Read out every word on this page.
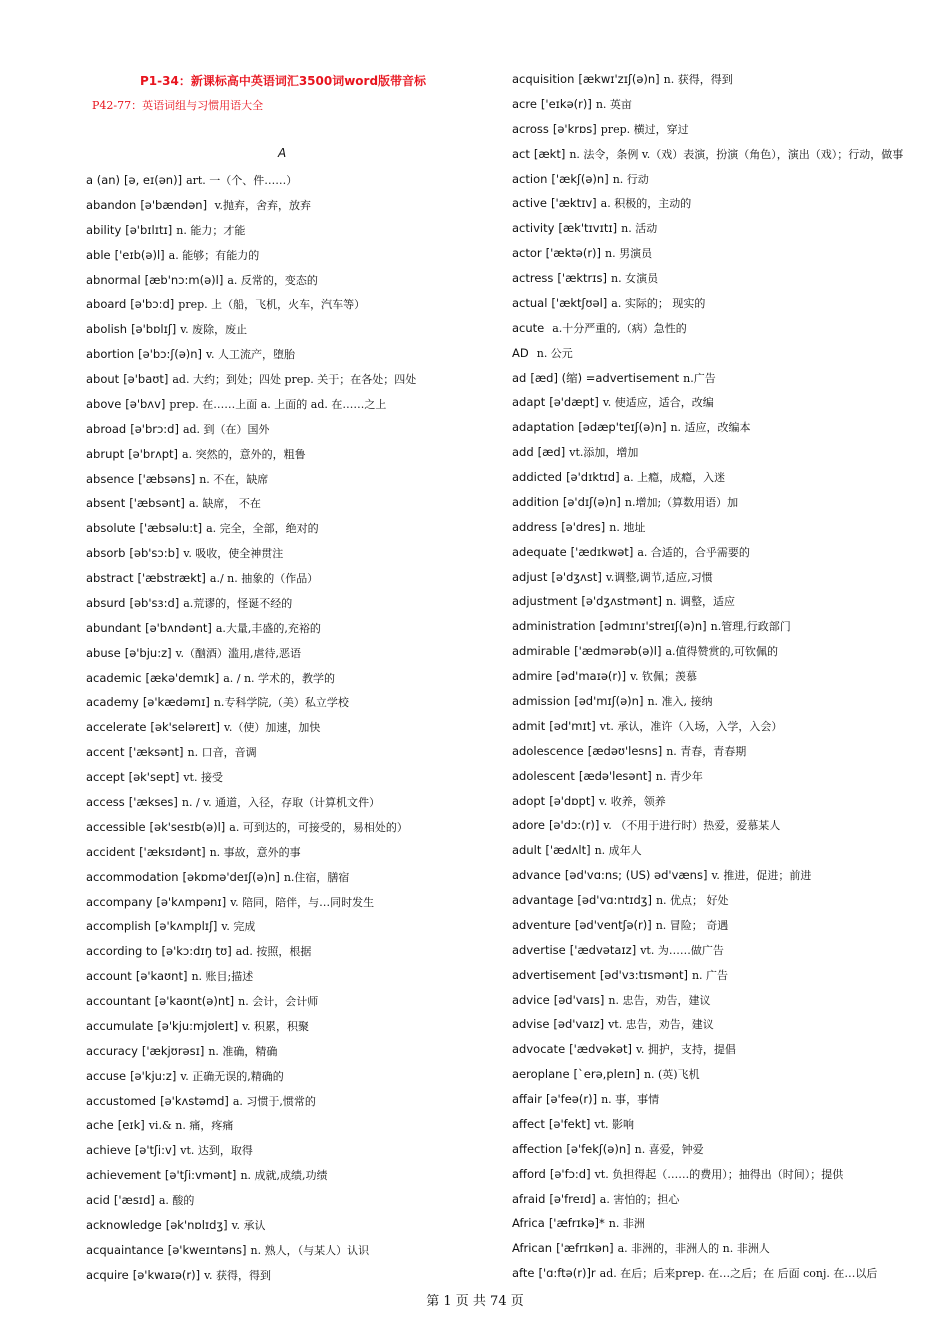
P1-34：新课标高中英语词汇3500词word版带音标
P42-77：英语词组与习惯用语大全
A
a (an) [ə, eɪ(ən)] art. 一（个、件……）
abandon [ə'bændən] v.抛弃，舍弃，放弃
ability [ə'bɪlɪtɪ] n. 能力；才能
able ['eɪb(ə)l] a. 能够；有能力的
abnormal [æb'nɔ:m(ə)l] a. 反常的，变态的
aboard [ə'bɔ:d] prep. 上（船，飞机，火车，汽车等）
abolish [ə'bɒlɪʃ] v. 废除，废止
abortion [ə'bɔ:ʃ(ə)n] v. 人工流产，堕胎
about [ə'baʊt] ad. 大约；到处；四处 prep. 关于；在各处；四处
above [ə'bʌv] prep. 在……上面 a. 上面的 ad. 在……之上
abroad [ə'brɔ:d] ad. 到（在）国外
abrupt [ə'brʌpt] a. 突然的，意外的，粗鲁
absence ['æbsəns] n. 不在，缺席
absent ['æbsənt] a. 缺席， 不在
absolute ['æbsəlu:t] a. 完全，全部，绝对的
absorb [əb'sɔ:b] v. 吸收，使全神贯注
abstract ['æbstrækt] a./ n. 抽象的（作品）
absurd [əb'sɜ:d] a.荒谬的，怪诞不经的
abundant [ə'bʌndənt] a.大量,丰盛的,充裕的
abuse [ə'bju:z] v.（酗酒）滥用,虐待,恶语
academic [ækə'demɪk] a. / n. 学术的，教学的
academy [ə'kædəmɪ] n.专科学院,（美）私立学校
accelerate [ək'seləreɪt] v.（使）加速，加快
accent ['æksənt] n. 口音，音调
accept [ək'sept] vt. 接受
access ['ækses] n. / v. 通道，入径，存取（计算机文件）
accessible [ək'sesɪb(ə)l] a. 可到达的，可接受的，易相处的）
accident ['æksɪdənt] n. 事故，意外的事
accommodation [əkɒmə'deɪʃ(ə)n] n.住宿，膳宿
accompany [ə'kʌmpənɪ] v. 陪同，陪伴，与…同时发生
accomplish [ə'kʌmplɪʃ] v. 完成
according to [ə'kɔ:dɪŋ tʊ] ad. 按照，根据
account [ə'kaʊnt] n. 账目;描述
accountant [ə'kaʊnt(ə)nt] n. 会计，会计师
accumulate [ə'kju:mjʊleɪt] v. 积累，积聚
accuracy ['ækjʊrəsɪ] n. 准确，精确
accuse [ə'kju:z] v. 正确无误的,精确的
accustomed [ə'kʌstəmd] a. 习惯于,惯常的
ache [eɪk] vi.& n. 痛，疼痛
achieve [ə'tʃi:v] vt. 达到，取得
achievement [ə'tʃi:vmənt] n. 成就,成绩,功绩
acid ['æsɪd] a. 酸的
acknowledge [ək'nɒlɪdʒ] v. 承认
acquaintance [ə'kweɪntəns] n. 熟人，（与某人）认识
acquire [ə'kwaɪə(r)] v. 获得，得到
acquisition [ækwɪ'zɪʃ(ə)n] n. 获得，得到
acre ['eɪkə(r)] n. 英亩
across [ə'krɒs] prep. 横过，穿过
act [ækt] n. 法令，条例 v.（戏）表演，扮演（角色），演出（戏）；行动，做事
action ['ækʃ(ə)n] n. 行动
active ['æktɪv] a. 积极的，主动的
activity [æk'tɪvɪtɪ] n. 活动
actor ['æktə(r)] n. 男演员
actress ['æktrɪs] n. 女演员
actual ['æktʃʊəl] a. 实际的； 现实的
acute a.十分严重的,（病）急性的
AD n. 公元
ad [æd] (缩) =advertisement n.广告
adapt [ə'dæpt] v. 使适应，适合，改编
adaptation [ədæp'teɪʃ(ə)n] n. 适应，改编本
add [æd] vt.添加，增加
addicted [ə'dɪktɪd] a. 上瘾，成瘾，入迷
addition [ə'dɪʃ(ə)n] n.增加;（算数用语）加
address [ə'dres] n. 地址
adequate ['ædɪkwət] a. 合适的，合乎需要的
adjust [ə'dʒʌst] v.调整,调节,适应,习惯
adjustment [ə'dʒʌstmənt] n. 调整，适应
administration [ədmɪnɪ'streɪʃ(ə)n] n.管理,行政部门
admirable ['ædmərəb(ə)l] a.值得赞赏的,可钦佩的
admire [əd'maɪə(r)] v. 钦佩；羡慕
admission [əd'mɪʃ(ə)n] n. 准入, 接纳
admit [əd'mɪt] vt. 承认，准许（入场，入学，入会）
adolescence [ædəʊ'lesns] n. 青春，青春期
adolescent [ædə'lesənt] n. 青少年
adopt [ə'dɒpt] v. 收养，领养
adore [ə'dɔ:(r)] v. （不用于进行时）热爱，爱慕某人
adult ['ædʌlt] n. 成年人
advance [əd'vɑ:ns; (US) əd'væns] v. 推进，促进；前进
advantage [əd'vɑ:ntɪdʒ] n. 优点； 好处
adventure [əd'ventʃə(r)] n. 冒险； 奇遇
advertise ['ædvətaɪz] vt. 为……做广告
advertisement [əd'vɜ:tɪsmənt] n. 广告
advice [əd'vaɪs] n. 忠告，劝告，建议
advise [əd'vaɪz] vt. 忠告，劝告，建议
advocate ['ædvəkət] v. 拥护，支持，提倡
aeroplane [`erə,pleɪn] n. (英)飞机
affair [ə'feə(r)] n. 事，事情
affect [ə'fekt] vt. 影响
affection [ə'fekʃ(ə)n] n. 喜爱，钟爱
afford [ə'fɔ:d] vt. 负担得起（……的费用）；抽得出（时间）；提供
afraid [ə'freɪd] a. 害怕的；担心
Africa ['æfrɪkə]* n. 非洲
African ['æfrɪkən] a. 非洲的，非洲人的 n. 非洲人
afte ['ɑ:ftə(r)]r ad. 在后；后来prep. 在…之后；在 后面 conj. 在…以后
第 1 页 共 74 页
